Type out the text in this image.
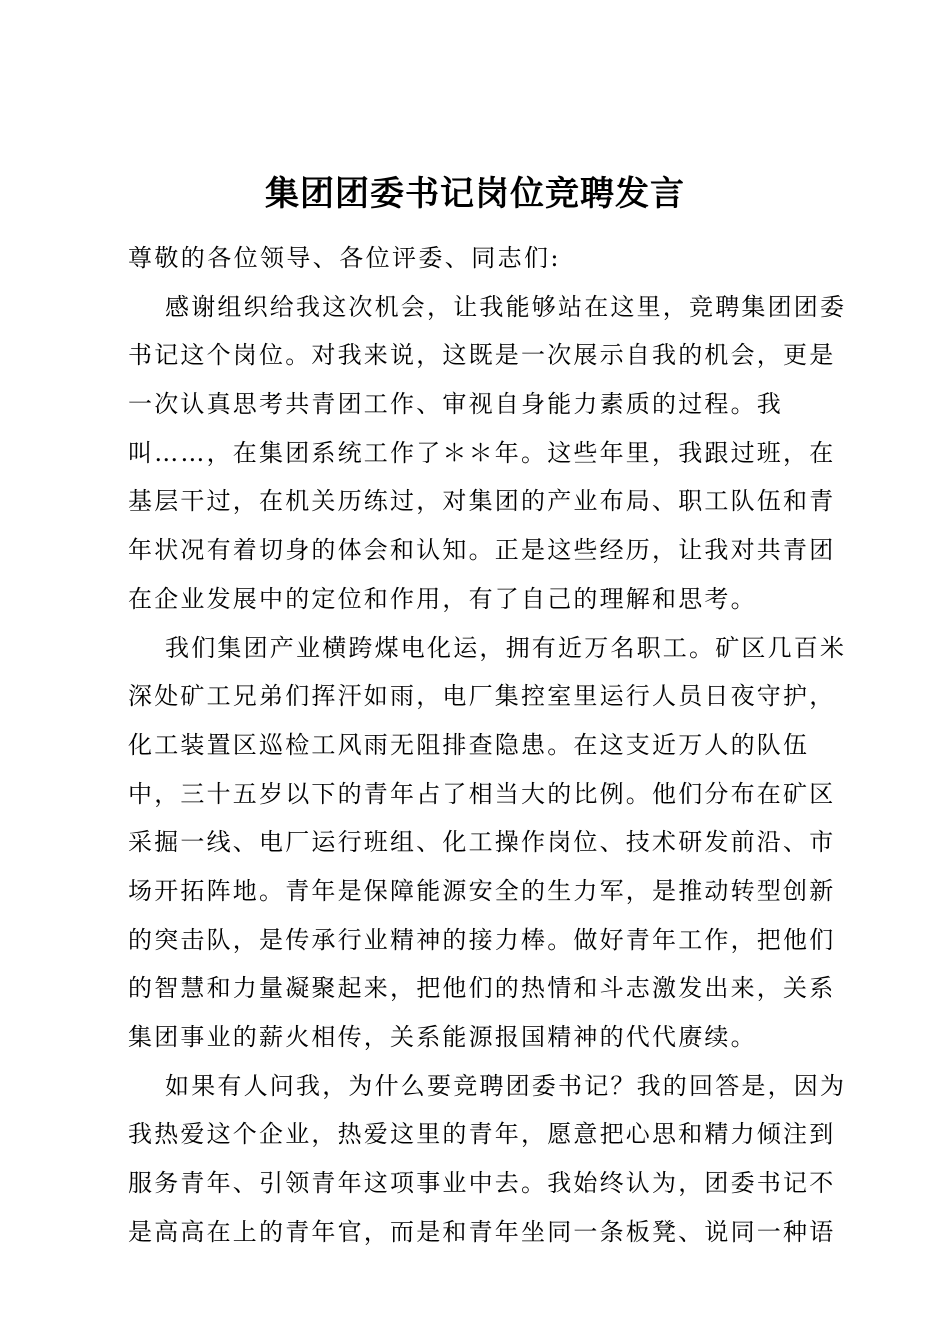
集团团委书记岗位竞聘发言
尊敬的各位领导、各位评委、同志们:
感谢组织给我这次机会，让我能够站在这里，竞聘集团团委
书记这个岗位。对我来说，这既是一次展示自我的机会，更是
一次认真思考共青团工作、审视自身能力素质的过程。我
叫……，在集团系统工作了＊＊年。这些年里，我跟过班，在
基层干过，在机关历练过，对集团的产业布局、职工队伍和青
年状况有着切身的体会和认知。正是这些经历，让我对共青团
在企业发展中的定位和作用，有了自己的理解和思考。
我们集团产业横跨煤电化运，拥有近万名职工。矿区几百米
深处矿工兄弟们挥汗如雨，电厂集控室里运行人员日夜守护，
化工装置区巡检工风雨无阻排查隐患。在这支近万人的队伍
中，三十五岁以下的青年占了相当大的比例。他们分布在矿区
采掘一线、电厂运行班组、化工操作岗位、技术研发前沿、市
场开拓阵地。青年是保障能源安全的生力军，是推动转型创新
的突击队，是传承行业精神的接力棒。做好青年工作，把他们
的智慧和力量凝聚起来，把他们的热情和斗志激发出来，关系
集团事业的薪火相传，关系能源报国精神的代代赓续。
如果有人问我，为什么要竞聘团委书记？我的回答是，因为
我热爱这个企业，热爱这里的青年，愿意把心思和精力倾注到
服务青年、引领青年这项事业中去。我始终认为，团委书记不
是高高在上的青年官，而是和青年坐同一条板凳、说同一种语
